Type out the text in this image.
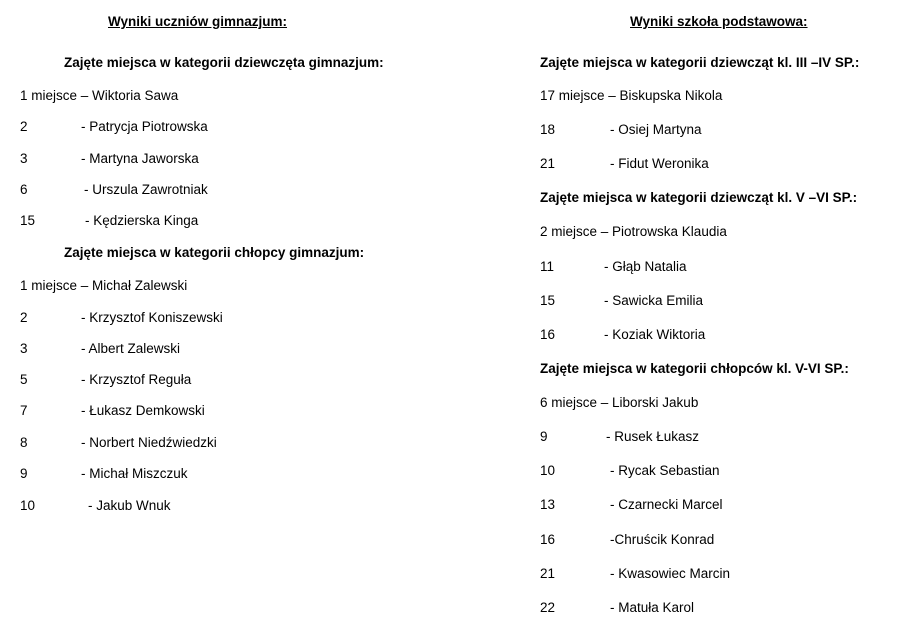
Wyniki uczniów gimnazjum:
Zajęte miejsca w kategorii dziewczęta gimnazjum:
1 miejsce – Wiktoria Sawa
2	- Patrycja Piotrowska
3	- Martyna Jaworska
6	- Urszula Zawrotniak
15	- Kędzierska Kinga
Zajęte miejsca w kategorii chłopcy gimnazjum:
1 miejsce – Michał Zalewski
2	- Krzysztof Koniszewski
3	- Albert Zalewski
5	- Krzysztof Reguła
7	- Łukasz Demkowski
8	- Norbert Niedźwiedzki
9	- Michał Miszczuk
10	- Jakub Wnuk
Wyniki szkoła podstawowa:
Zajęte miejsca w kategorii dziewcząt kl. III –IV SP.:
17 miejsce – Biskupska Nikola
18	- Osiej Martyna
21	- Fidut Weronika
Zajęte miejsca w kategorii dziewcząt kl. V –VI SP.:
2 miejsce – Piotrowska Klaudia
11	- Głąb Natalia
15	- Sawicka Emilia
16	- Koziak Wiktoria
Zajęte miejsca w kategorii chłopców kl. V-VI SP.:
6 miejsce – Liborski Jakub
9	- Rusek Łukasz
10	- Rycak Sebastian
13	- Czarnecki Marcel
16	-Chruścik Konrad
21	- Kwasowiec Marcin
22	- Matuła Karol
